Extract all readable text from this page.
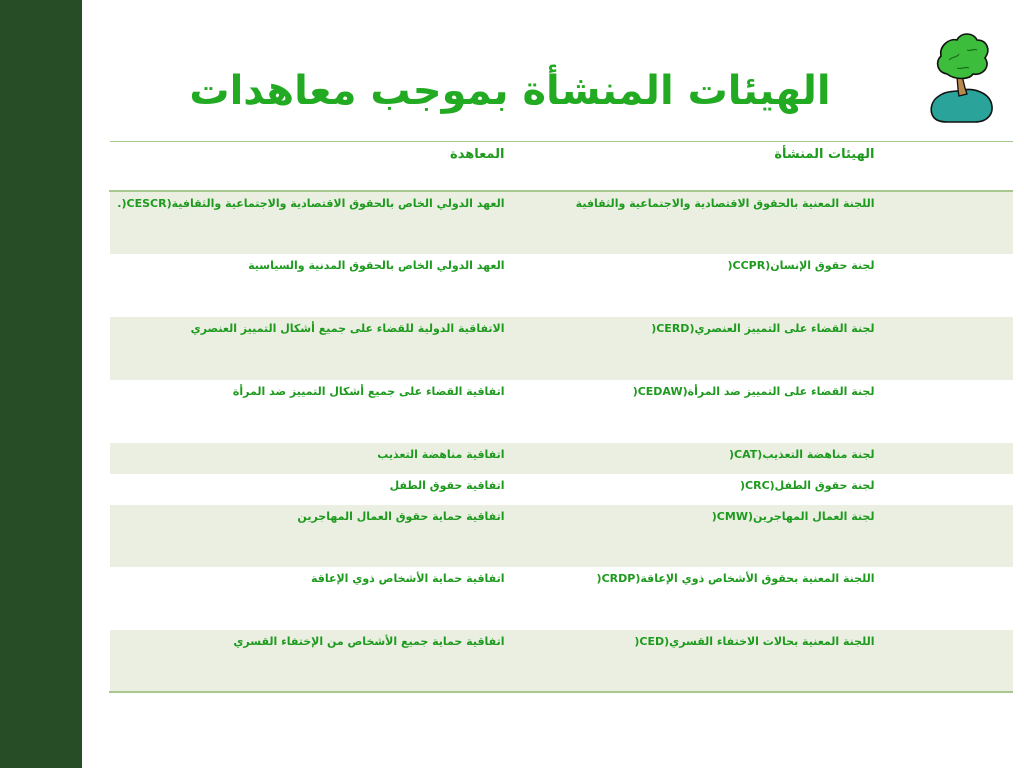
الهيئات المنشأة بموجب معاهدات
المعاهدة	الهيئات المنشأة
العهد الدولي الخاص بالحقوق الاقتصادية والاجتماعية والثقافية(CESCR(.	اللجنة المعنية بالحقوق الاقتصادية والاجتماعية والثقافية
العهد الدولي الخاص بالحقوق المدنية والسياسية	لجنة حقوق الإنسان(CCPR(
الاتفاقية الدولية للقضاء على جميع أشكال التمييز العنصري	لجنة القضاء على التمييز العنصري(CERD(
اتفاقية القضاء على جميع أشكال التمييز ضد المرأة	لجنة القضاء على التمييز ضد المرأة(CEDAW(
اتفاقية مناهضة التعذيب	لجنة مناهضة التعذيب(CAT(
اتفاقية حقوق الطفل	لجنة حقوق الطفل(CRC(
اتفاقية حماية حقوق العمال المهاجرين	لجنة العمال المهاجرين(CMW(
اتفاقية حماية الأشخاص ذوي الإعاقة	اللجنة المعنية بحقوق الأشخاص ذوي الإعاقة(CRDP(
اتفاقية حماية جميع الأشخاص من الإختفاء القسري	اللجنة المعنية بحالات الاختفاء القسري(CED(
